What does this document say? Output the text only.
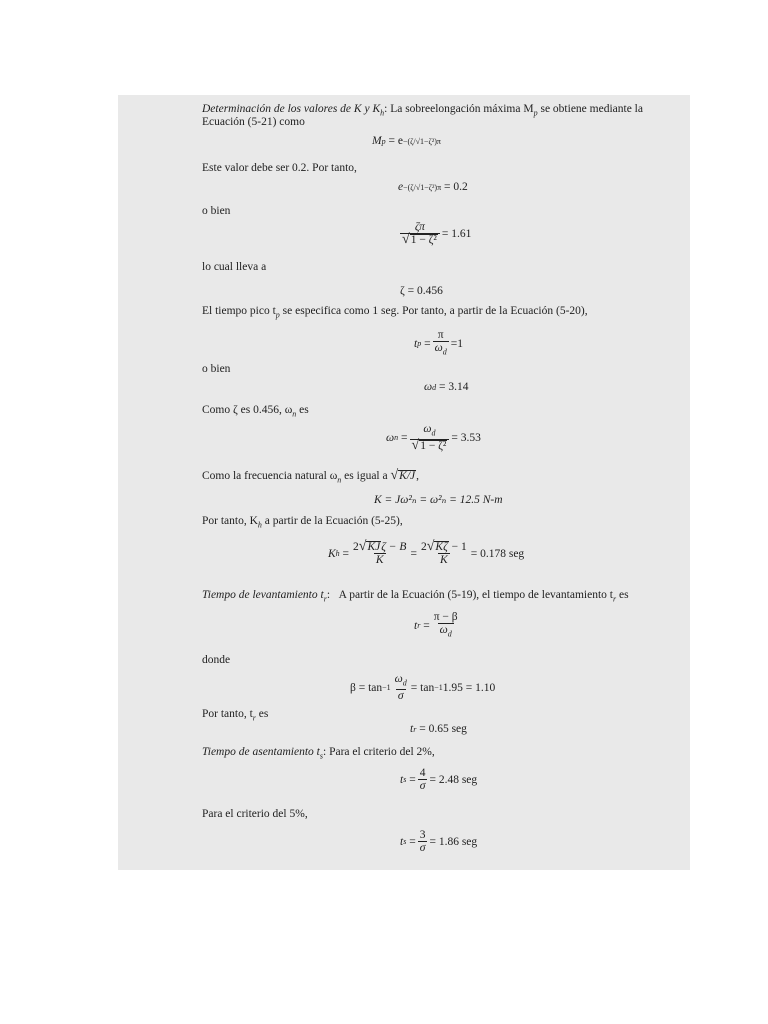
Determinación de los valores de K y $K_h$: La sobreelongación máxima $M_p$ se obtiene mediante la
Ecuación (5-21) como
M p
= e −(ζ/√1−ζ²)π
Este valor debe ser 0.2. Por tanto,
e −(ζ/√1−ζ²)π
= 0.2
o bien
$\frac{\zeta\pi}{\text{√ 1 − ζ²}} = 1.61$
lo cual lleva a
ζ = 0.456
El tiempo pico $t_p$ se especifica como 1 seg. Por tanto, a partir de la Ecuación (5-20),
t p
= $\frac{\pi}{\omega_d} =1$
o bien
ω d
= 3.14
Como ζ es 0.456, $\omega_n$ es
ω n
= $\frac{\omega_d}{\text{√ 1 − ζ²}} = 3.53$
Como la frecuencia natural $\omega_n$ es igual a √ K/J ,
K = Jω²ₙ = ω²ₙ = 12.5 N-m
Por tanto, $K_h$ a partir de la Ecuación (5-25),
K h
= $\frac{\text{2 √ KJ ζ − B}}{K} = \frac{2 √ K\zeta - 1}{K} = 0.178$ seg
Tiempo de levantamiento $t_r$: A partir de la Ecuación (5-19), el tiempo de levantamiento $t_r$ es
t r
= $\frac{\pi - \beta}{\omega_d}$
donde
$\beta = \tan -1 \frac{\omega_d}{\sigma} = \tan -1$ 1.95 = 1.10
Por tanto, $t_r$ es
t r
= 0.65 seg
Tiempo de asentamiento $t_s$: Para el criterio del 2%,
t s
= $\frac{4}{\sigma} = 2.48$ seg
Para el criterio del 5%,
t s
= $\frac{3}{\sigma} = 1.86$ seg
